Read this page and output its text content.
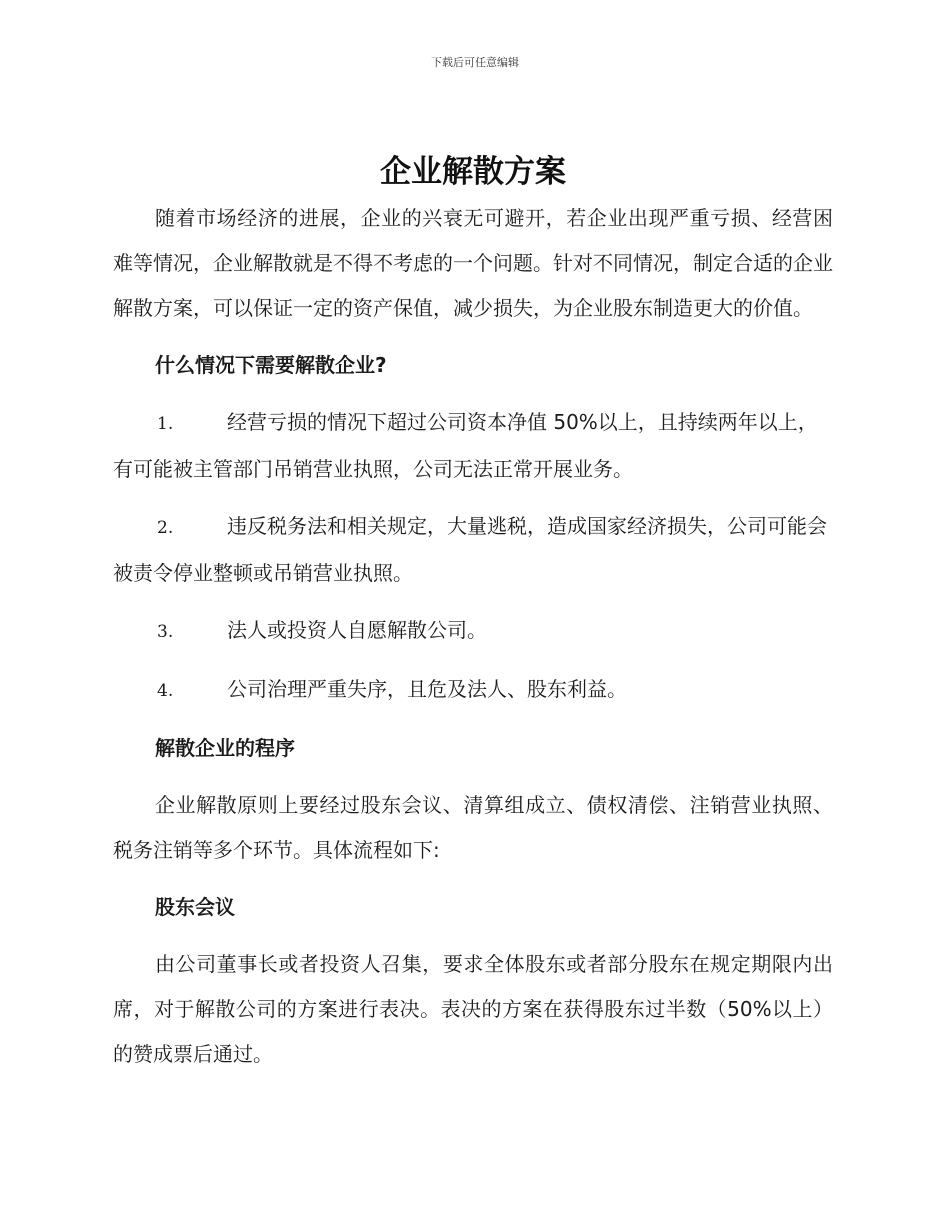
下载后可任意编辑
企业解散方案

随着市场经济的进展，企业的兴衰无可避开，若企业出现严重亏损、经营困难等情况，企业解散就是不得不考虑的一个问题。针对不同情况，制定合适的企业解散方案，可以保证一定的资产保值，减少损失，为企业股东制造更大的价值。

什么情况下需要解散企业?
1.	经营亏损的情况下超过公司资本净值 50%以上，且持续两年以上，有可能被主管部门吊销营业执照，公司无法正常开展业务。
2.	违反税务法和相关规定，大量逃税，造成国家经济损失，公司可能会被责令停业整顿或吊销营业执照。
3.	法人或投资人自愿解散公司。
4.	公司治理严重失序，且危及法人、股东利益。
解散企业的程序

企业解散原则上要经过股东会议、清算组成立、债权清偿、注销营业执照、税务注销等多个环节。具体流程如下:

股东会议

由公司董事长或者投资人召集，要求全体股东或者部分股东在规定期限内出席，对于解散公司的方案进行表决。表决的方案在获得股东过半数（50%以上）的赞成票后通过。
